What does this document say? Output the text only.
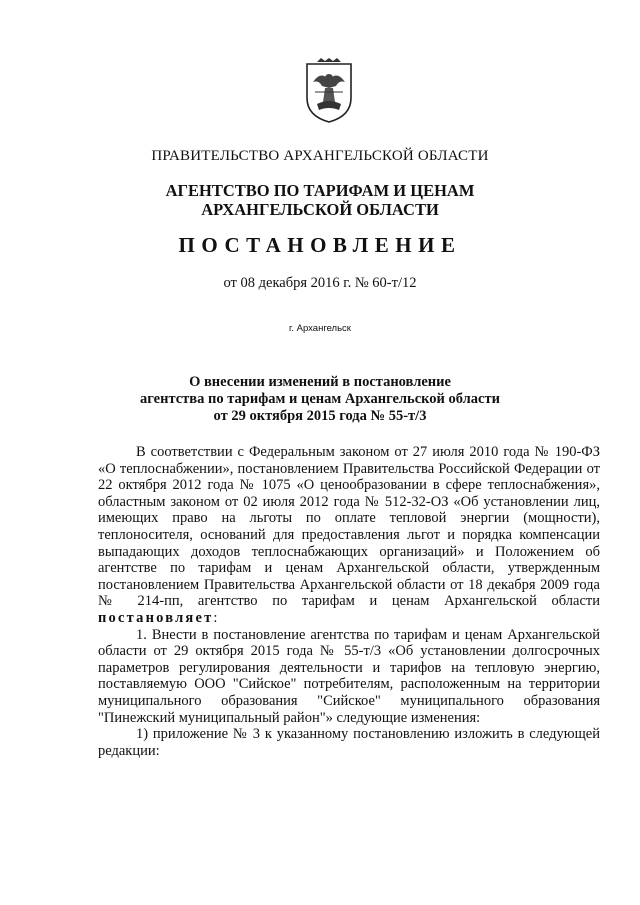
ПРАВИТЕЛЬСТВО АРХАНГЕЛЬСКОЙ ОБЛАСТИ
АГЕНТСТВО ПО ТАРИФАМ И ЦЕНАМ
АРХАНГЕЛЬСКОЙ ОБЛАСТИ
ПОСТАНОВЛЕНИЕ
от 08 декабря 2016 г. № 60-т/12
г. Архангельск
О внесении изменений в постановление
агентства по тарифам и ценам Архангельской области
от 29 октября 2015 года № 55-т/3

В соответствии с Федеральным законом от 27 июля 2010 года № 190-ФЗ «О теплоснабжении», постановлением Правительства Российской Федерации от 22 октября 2012 года № 1075 «О ценообразовании в сфере теплоснабжения», областным законом от 02 июля 2012 года № 512-32-ОЗ «Об установлении лиц, имеющих право на льготы по оплате тепловой энергии (мощности), теплоносителя, оснований для предоставления льгот и порядка компенсации выпадающих доходов теплоснабжающих организаций» и Положением об агентстве по тарифам и ценам Архангельской области, утвержденным постановлением Правительства Архангельской области от 18 декабря 2009 года № 214-пп, агентство по тарифам и ценам Архангельской области постановляет:

1. Внести в постановление агентства по тарифам и ценам Архангельской области от 29 октября 2015 года № 55-т/3 «Об установлении долгосрочных параметров регулирования деятельности и тарифов на тепловую энергию, поставляемую ООО "Сийское" потребителям, расположенным на территории муниципального образования "Сийское" муниципального образования "Пинежский муниципальный район"» следующие изменения:

1) приложение № 3 к указанному постановлению изложить в следующей редакции:
